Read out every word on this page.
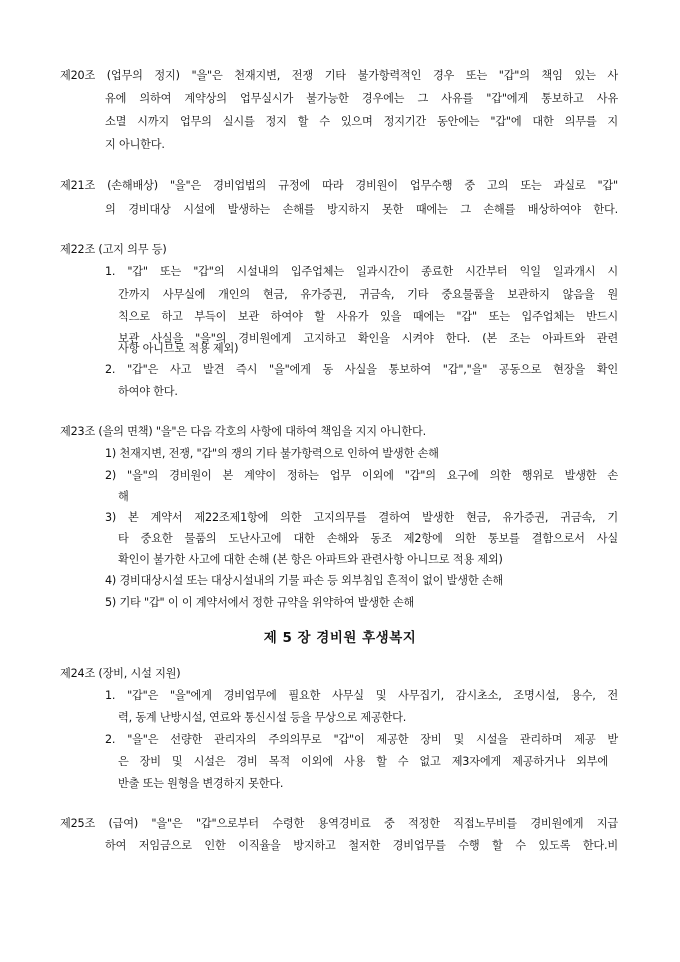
제20조 (업무의 정지) "을"은 천재지변, 전쟁 기타 불가항력적인 경우 또는 "갑"의 책임 있는 사
유에 의하여 계약상의 업무실시가 불가능한 경우에는 그 사유를 "갑"에게 통보하고 사유
소멸 시까지 업무의 실시를 정지 할 수 있으며 정지기간 동안에는 "갑"에 대한 의무를 지
지 아니한다.
제21조 (손해배상) "을"은 경비업법의 규정에 따라 경비원이 업무수행 중 고의 또는 과실로 "갑"
의 경비대상 시설에 발생하는 손해를 방지하지 못한 때에는 그 손해를 배상하여야 한다.
제22조 (고지 의무 등)
1. "갑" 또는 "갑"의 시설내의 입주업체는 일과시간이 종료한 시간부터 익일 일과개시 시
간까지 사무실에 개인의 현금, 유가증권, 귀금속, 기타 중요물품을 보관하지 않음을 원
칙으로 하고 부득이 보관 하여야 할 사유가 있을 때에는 "갑" 또는 입주업체는 반드시
보관 사실을 "을"의 경비원에게 고지하고 확인을 시켜야 한다. (본 조는 아파트와 관련
사항 아니므로 적용 제외)
2. "갑"은 사고 발견 즉시 "을"에게 동 사실을 통보하여 "갑","을" 공동으로 현장을 확인
하여야 한다.
제23조 (을의 면책) "을"은 다음 각호의 사항에 대하여 책임을 지지 아니한다.
1) 천재지변, 전쟁, "갑"의 쟁의 기타 불가항력으로 인하여 발생한 손해
2) "을"의 경비원이 본 계약이 정하는 업무 이외에 "갑"의 요구에 의한 행위로 발생한 손
해
3) 본 계약서 제22조제1항에 의한 고지의무를 결하여 발생한 현금, 유가증권, 귀금속, 기
타 중요한 물품의 도난사고에 대한 손해와 동조 제2항에 의한 통보를 결함으로서 사실
확인이 불가한 사고에 대한 손해 (본 항은 아파트와 관련사항 아니므로 적용 제외)
4) 경비대상시설 또는 대상시설내의 기물 파손 등 외부침입 흔적이 없이 발생한 손해
5) 기타 "갑" 이 이 계약서에서 정한 규약을 위약하여 발생한 손해
제 5 장 경비원 후생복지
제24조 (장비, 시설 지원)
1. "갑"은 "을"에게 경비업무에 필요한 사무실 및 사무집기, 감시초소, 조명시설, 용수, 전
력, 동계 난방시설, 연료와 통신시설 등을 무상으로 제공한다.
2. "을"은 선량한 관리자의 주의의무로 "갑"이 제공한 장비 및 시설을 관리하며 제공 받
은 장비 및 시설은 경비 목적 이외에 사용 할 수 없고 제3자에게 제공하거나 외부에
반출 또는 원형을 변경하지 못한다.
제25조 (급여) "을"은 "갑"으로부터 수령한 용역경비료 중 적정한 직접노무비를 경비원에게 지급
하여 저임금으로 인한 이직율을 방지하고 철저한 경비업무를 수행 할 수 있도록 한다.비
